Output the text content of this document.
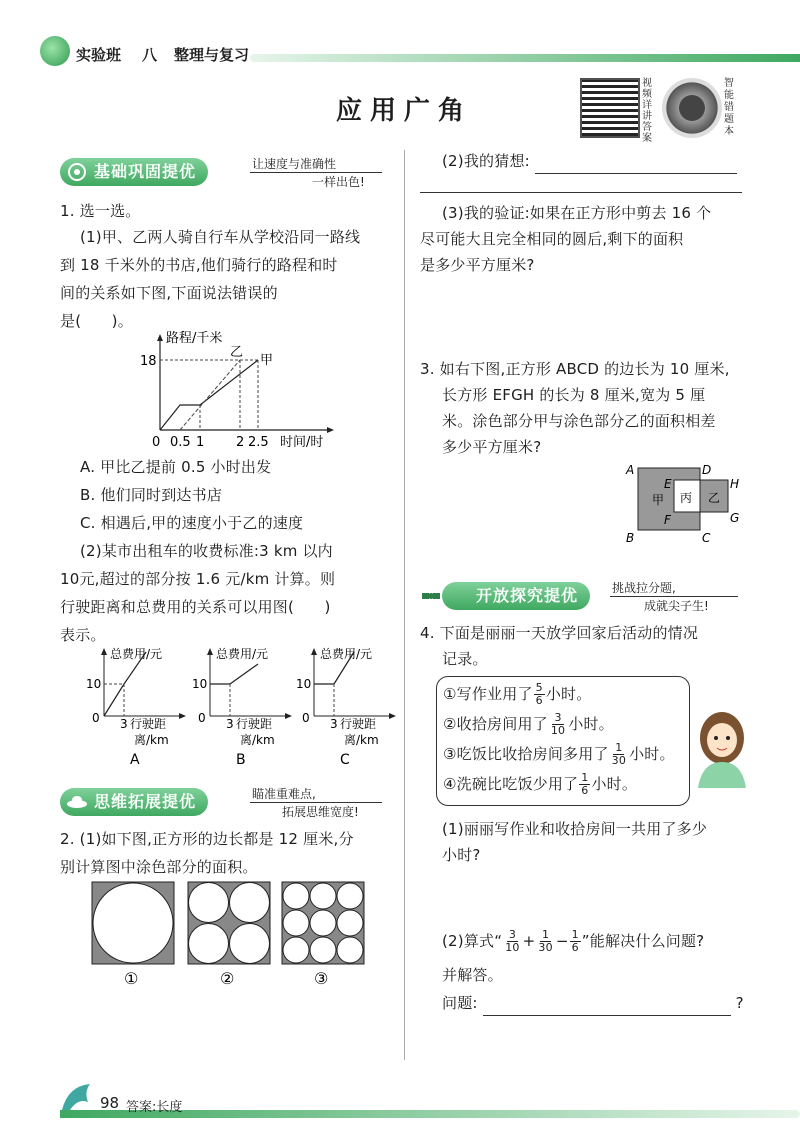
实验班 八 整理与复习
应用广角
视频详讲答案
智能错题本
基础巩固提优	让速度与准确性
一样出色!
1. 选一选。
(1)甲、乙两人骑自行车从学校沿同一路线
到 18 千米外的书店,他们骑行的路程和时
间的关系如下图,下面说法错误的
是(　　)。
路程/千米
18
乙
甲
0 0.5 1 2 2.5 时间/时
A. 甲比乙提前 0.5 小时出发
B. 他们同时到达书店
C. 相遇后,甲的速度小于乙的速度
(2)某市出租车的收费标准:3 km 以内
10元,超过的部分按 1.6 元/km 计算。则
行驶距离和总费用的关系可以用图(　　)
表示。
总费用/元
10
0 3 行驶距
离/km
A
总费用/元
10
0 3 行驶距
离/km
B
总费用/元
10
0 3 行驶距
离/km
C
思维拓展提优	瞄准重难点,
拓展思维宽度!
2. (1)如下图,正方形的边长都是 12 厘米,分
别计算图中涂色部分的面积。
①	②	③
(2)我的猜想:
(3)我的验证:如果在正方形中剪去 16 个
尽可能大且完全相同的圆后,剩下的面积
是多少平方厘米?
3. 如右下图,正方形 ABCD 的边长为 10 厘米,
长方形 EFGH 的长为 8 厘米,宽为 5 厘
米。涂色部分甲与涂色部分乙的面积相差
多少平方厘米?
A	D
E	H
F	G
B	C
甲 丙 乙
开放探究提优	挑战拉分题,
成就尖子生!
4. 下面是丽丽一天放学回家后活动的情况
记录。
①写作业用了 $\frac{5}{6}$ 小时。
②收拾房间用了 $\frac{3}{10}$ 小时。
③吃饭比收拾房间多用了 $\frac{1}{30}$ 小时。
④洗碗比吃饭少用了 $\frac{1}{6}$ 小时。
(1)丽丽写作业和收拾房间一共用了多少
小时?
(2)算式“ $\frac{3}{10} + \frac{1}{30} - \frac{1}{6}$ ”能解决什么问题?
并解答。
问题:	?
98 答案:长度
